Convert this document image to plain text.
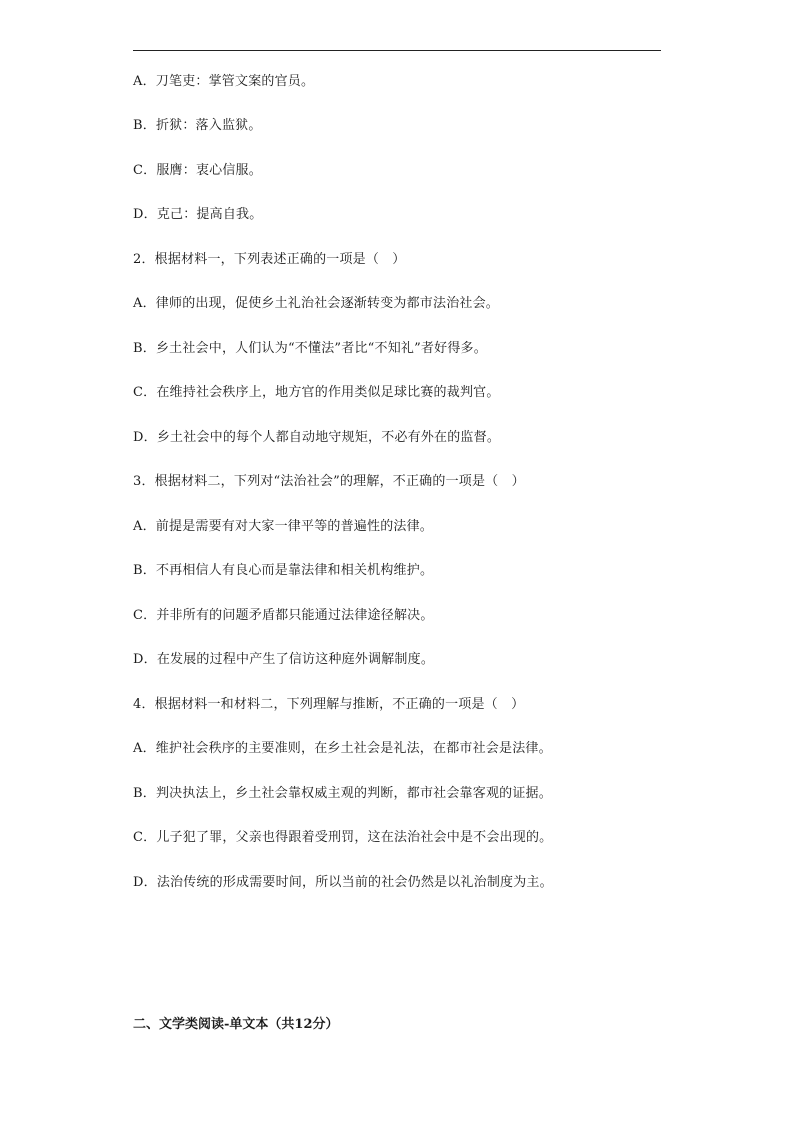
A．刀笔吏：掌管文案的官员。
B．折狱：落入监狱。
C．服膺：衷心信服。
D．克己：提高自我。
2．根据材料一，下列表述正确的一项是（　）
A．律师的出现，促使乡土礼治社会逐渐转变为都市法治社会。
B．乡土社会中，人们认为“不懂法”者比“不知礼”者好得多。
C．在维持社会秩序上，地方官的作用类似足球比赛的裁判官。
D．乡土社会中的每个人都自动地守规矩，不必有外在的监督。
3．根据材料二，下列对“法治社会”的理解，不正确的一项是（　）
A．前提是需要有对大家一律平等的普遍性的法律。
B．不再相信人有良心而是靠法律和相关机构维护。
C．并非所有的问题矛盾都只能通过法律途径解决。
D．在发展的过程中产生了信访这种庭外调解制度。
4．根据材料一和材料二，下列理解与推断，不正确的一项是（　）
A．维护社会秩序的主要准则，在乡土社会是礼法，在都市社会是法律。
B．判决执法上，乡土社会靠权威主观的判断，都市社会靠客观的证据。
C．儿子犯了罪，父亲也得跟着受刑罚，这在法治社会中是不会出现的。
D．法治传统的形成需要时间，所以当前的社会仍然是以礼治制度为主。
二、文学类阅读-单文本（共12分）
